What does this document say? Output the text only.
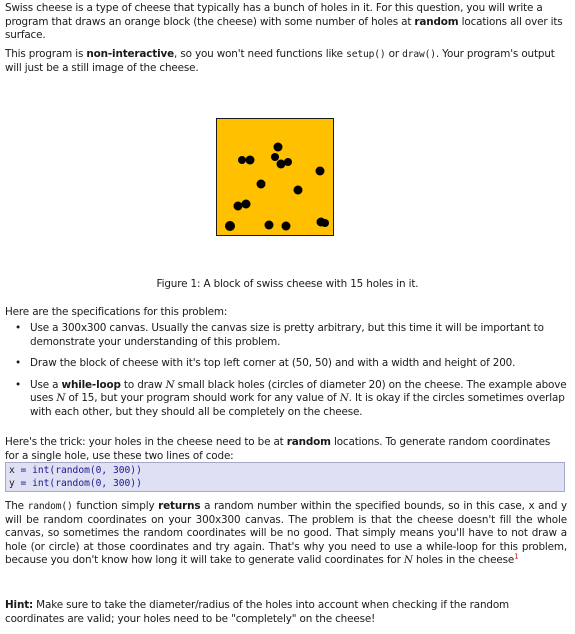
Swiss cheese is a type of cheese that typically has a bunch of holes in it. For this question, you will write a program that draws an orange block (the cheese) with some number of holes at random locations all over its surface.

This program is non-interactive, so you won't need functions like setup() or draw(). Your program's output will just be a still image of the cheese.

Figure 1: A block of swiss cheese with 15 holes in it.

Here are the specifications for this problem:

• Use a 300x300 canvas. Usually the canvas size is pretty arbitrary, but this time it will be important to demonstrate your understanding of this problem.
• Draw the block of cheese with it's top left corner at (50, 50) and with a width and height of 200.
• Use a while-loop to draw N small black holes (circles of diameter 20) on the cheese. The example above uses N of 15, but your program should work for any value of N. It is okay if the circles sometimes overlap with each other, but they should all be completely on the cheese.

Here's the trick: your holes in the cheese need to be at random locations. To generate random coordinates for a single hole, use these two lines of code:

x = int(random(0, 300))
y = int(random(0, 300))

The random() function simply returns a random number within the specified bounds, so in this case, x and y will be random coordinates on your 300x300 canvas. The problem is that the cheese doesn't fill the whole canvas, so sometimes the random coordinates will be no good. That simply means you'll have to not draw a hole (or circle) at those coordinates and try again. That's why you need to use a while-loop for this problem, because you don't know how long it will take to generate valid coordinates for N holes in the cheese$^1$

Hint: Make sure to take the diameter/radius of the holes into account when checking if the random coordinates are valid; your holes need to be "completely" on the cheese!
